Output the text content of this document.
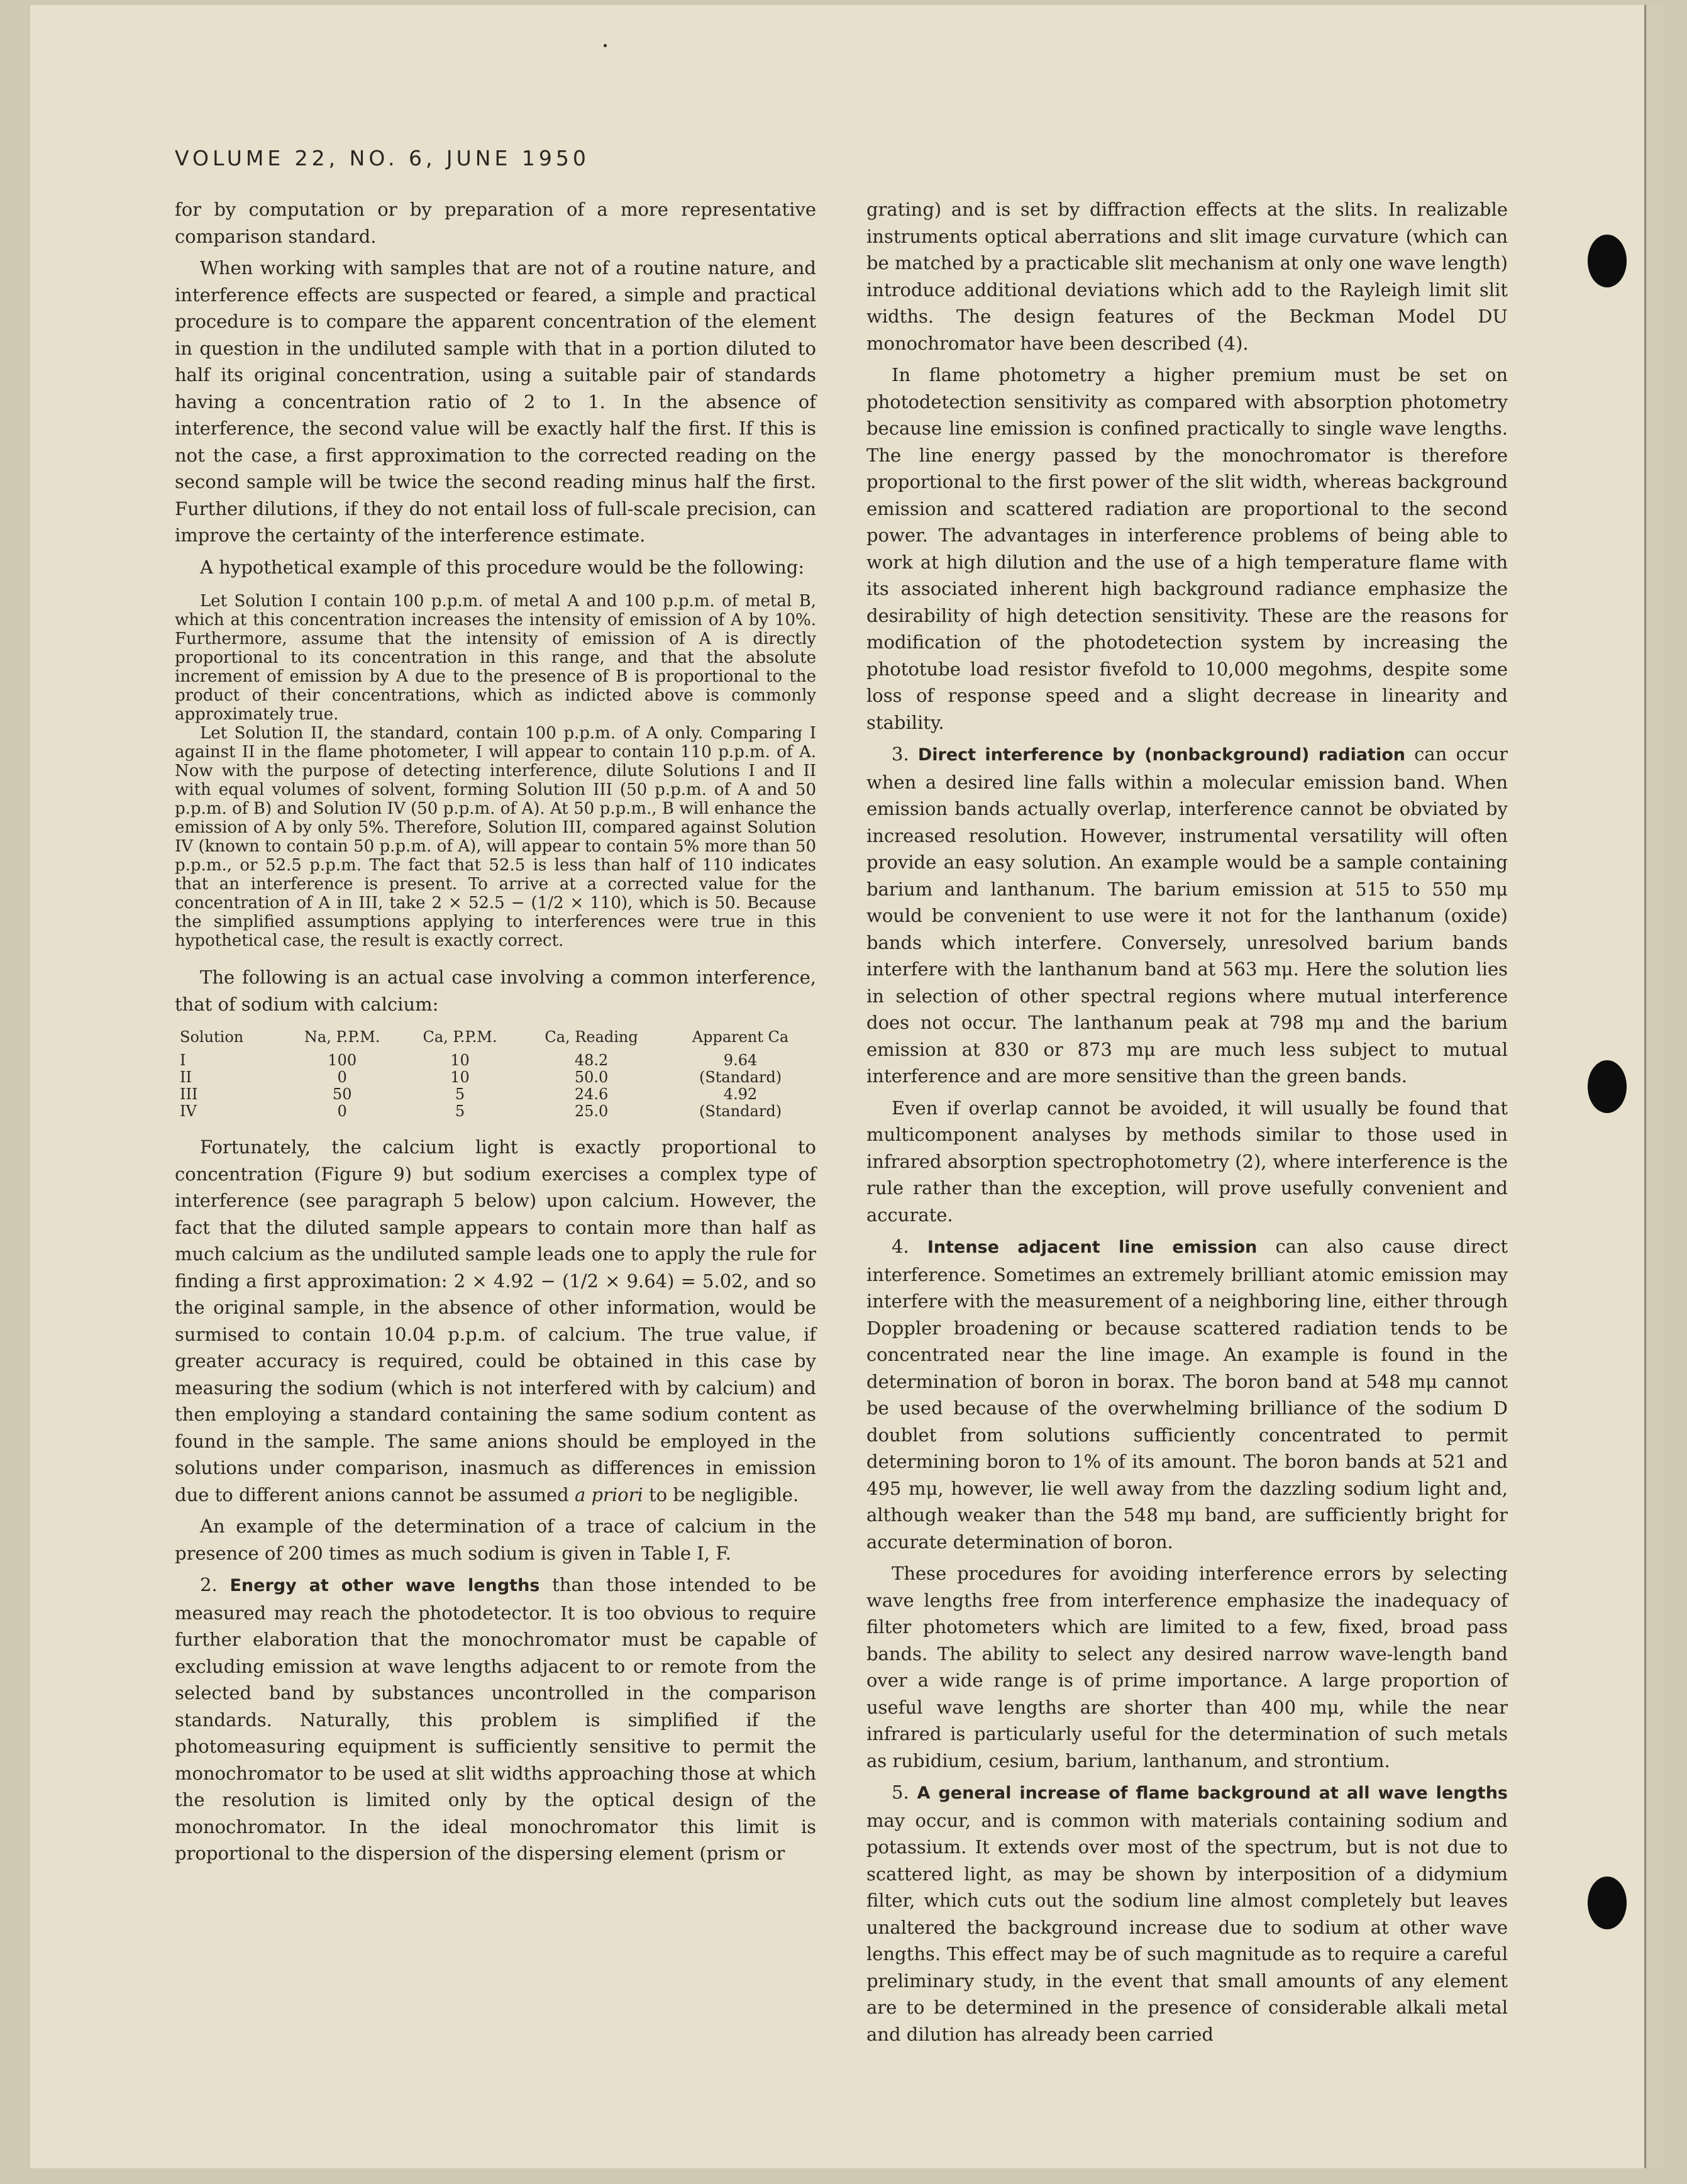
VOLUME 22, NO. 6, JUNE 1950

for by computation or by preparation of a more representative comparison standard.

When working with samples that are not of a routine nature, and interference effects are suspected or feared, a simple and practical procedure is to compare the apparent concentration of the element in question in the undiluted sample with that in a portion diluted to half its original concentration, using a suitable pair of standards having a concentration ratio of 2 to 1. In the absence of interference, the second value will be exactly half the first. If this is not the case, a first approximation to the corrected reading on the second sample will be twice the second reading minus half the first. Further dilutions, if they do not entail loss of full-scale precision, can improve the certainty of the interference estimate.

A hypothetical example of this procedure would be the following:

Let Solution I contain 100 p.p.m. of metal A and 100 p.p.m. of metal B, which at this concentration increases the intensity of emission of A by 10%. Furthermore, assume that the intensity of emission of A is directly proportional to its concentration in this range, and that the absolute increment of emission by A due to the presence of B is proportional to the product of their concentrations, which as indicted above is commonly approximately true.

Let Solution II, the standard, contain 100 p.p.m. of A only. Comparing I against II in the flame photometer, I will appear to contain 110 p.p.m. of A. Now with the purpose of detecting interference, dilute Solutions I and II with equal volumes of solvent, forming Solution III (50 p.p.m. of A and 50 p.p.m. of B) and Solution IV (50 p.p.m. of A). At 50 p.p.m., B will enhance the emission of A by only 5%. Therefore, Solution III, compared against Solution IV (known to contain 50 p.p.m. of A), will appear to contain 5% more than 50 p.p.m., or 52.5 p.p.m. The fact that 52.5 is less than half of 110 indicates that an interference is present. To arrive at a corrected value for the concentration of A in III, take 2 × 52.5 − (1/2 × 110), which is 50. Because the simplified assumptions applying to interferences were true in this hypothetical case, the result is exactly correct.

The following is an actual case involving a common interference, that of sodium with calcium:

Solution	Na, P.P.M.	Ca, P.P.M.	Ca, Reading	Apparent Ca
I	100	10	48.2	9.64
II	0	10	50.0	(Standard)
III	50	5	24.6	4.92
IV	0	5	25.0	(Standard)

Fortunately, the calcium light is exactly proportional to concentration (Figure 9) but sodium exercises a complex type of interference (see paragraph 5 below) upon calcium. However, the fact that the diluted sample appears to contain more than half as much calcium as the undiluted sample leads one to apply the rule for finding a first approximation: 2 × 4.92 − (1/2 × 9.64) = 5.02, and so the original sample, in the absence of other information, would be surmised to contain 10.04 p.p.m. of calcium. The true value, if greater accuracy is required, could be obtained in this case by measuring the sodium (which is not interfered with by calcium) and then employing a standard containing the same sodium content as found in the sample. The same anions should be employed in the solutions under comparison, inasmuch as differences in emission due to different anions cannot be assumed a priori to be negligible.

An example of the determination of a trace of calcium in the presence of 200 times as much sodium is given in Table I, F.

2. Energy at other wave lengths than those intended to be measured may reach the photodetector. It is too obvious to require further elaboration that the monochromator must be capable of excluding emission at wave lengths adjacent to or remote from the selected band by substances uncontrolled in the comparison standards. Naturally, this problem is simplified if the photomeasuring equipment is sufficiently sensitive to permit the monochromator to be used at slit widths approaching those at which the resolution is limited only by the optical design of the monochromator. In the ideal monochromator this limit is proportional to the dispersion of the dispersing element (prism or

grating) and is set by diffraction effects at the slits. In realizable instruments optical aberrations and slit image curvature (which can be matched by a practicable slit mechanism at only one wave length) introduce additional deviations which add to the Rayleigh limit slit widths. The design features of the Beckman Model DU monochromator have been described (4).

In flame photometry a higher premium must be set on photodetection sensitivity as compared with absorption photometry because line emission is confined practically to single wave lengths. The line energy passed by the monochromator is therefore proportional to the first power of the slit width, whereas background emission and scattered radiation are proportional to the second power. The advantages in interference problems of being able to work at high dilution and the use of a high temperature flame with its associated inherent high background radiance emphasize the desirability of high detection sensitivity. These are the reasons for modification of the photodetection system by increasing the phototube load resistor fivefold to 10,000 megohms, despite some loss of response speed and a slight decrease in linearity and stability.

3. Direct interference by (nonbackground) radiation can occur when a desired line falls within a molecular emission band. When emission bands actually overlap, interference cannot be obviated by increased resolution. However, instrumental versatility will often provide an easy solution. An example would be a sample containing barium and lanthanum. The barium emission at 515 to 550 mμ would be convenient to use were it not for the lanthanum (oxide) bands which interfere. Conversely, unresolved barium bands interfere with the lanthanum band at 563 mμ. Here the solution lies in selection of other spectral regions where mutual interference does not occur. The lanthanum peak at 798 mμ and the barium emission at 830 or 873 mμ are much less subject to mutual interference and are more sensitive than the green bands.

Even if overlap cannot be avoided, it will usually be found that multicomponent analyses by methods similar to those used in infrared absorption spectrophotometry (2), where interference is the rule rather than the exception, will prove usefully convenient and accurate.

4. Intense adjacent line emission can also cause direct interference. Sometimes an extremely brilliant atomic emission may interfere with the measurement of a neighboring line, either through Doppler broadening or because scattered radiation tends to be concentrated near the line image. An example is found in the determination of boron in borax. The boron band at 548 mμ cannot be used because of the overwhelming brilliance of the sodium D doublet from solutions sufficiently concentrated to permit determining boron to 1% of its amount. The boron bands at 521 and 495 mμ, however, lie well away from the dazzling sodium light and, although weaker than the 548 mμ band, are sufficiently bright for accurate determination of boron.

These procedures for avoiding interference errors by selecting wave lengths free from interference emphasize the inadequacy of filter photometers which are limited to a few, fixed, broad pass bands. The ability to select any desired narrow wave-length band over a wide range is of prime importance. A large proportion of useful wave lengths are shorter than 400 mμ, while the near infrared is particularly useful for the determination of such metals as rubidium, cesium, barium, lanthanum, and strontium.

5. A general increase of flame background at all wave lengths may occur, and is common with materials containing sodium and potassium. It extends over most of the spectrum, but is not due to scattered light, as may be shown by interposition of a didymium filter, which cuts out the sodium line almost completely but leaves unaltered the background increase due to sodium at other wave lengths. This effect may be of such magnitude as to require a careful preliminary study, in the event that small amounts of any element are to be determined in the presence of considerable alkali metal and dilution has already been carried
